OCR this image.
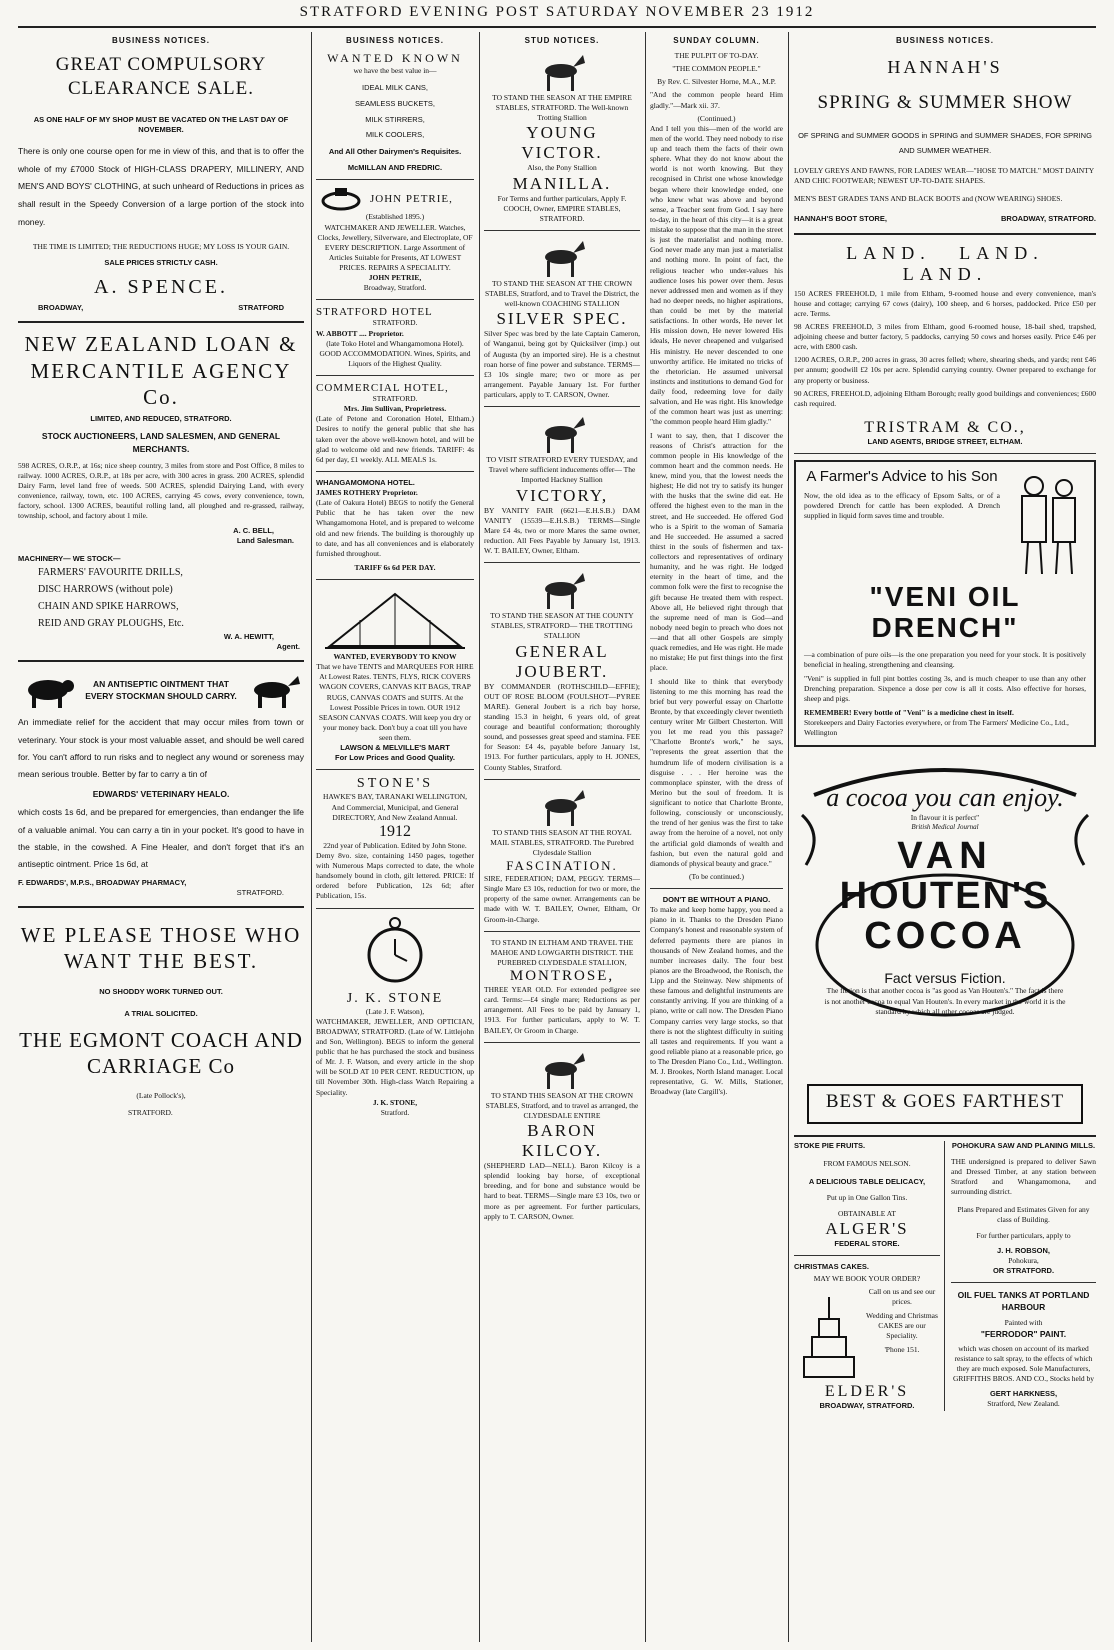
STRATFORD EVENING POST SATURDAY NOVEMBER 23 1912
BUSINESS NOTICES.
GREAT COMPULSORY CLEARANCE SALE.
AS ONE HALF OF MY SHOP MUST BE VACATED ON THE LAST DAY OF NOVEMBER.
There is only one course open for me in view of this, and that is to offer the whole of my £7000 Stock of HIGH-CLASS DRAPERY, MILLINERY, AND MEN'S AND BOYS' CLOTHING, at such unheard of Reductions in prices as shall result in the Speedy Conversion of a large portion of the stock into money.
THE TIME IS LIMITED; THE REDUCTIONS HUGE; MY LOSS IS YOUR GAIN.
SALE PRICES STRICTLY CASH.
A. SPENCE.
BROADWAY,	STRATFORD
NEW ZEALAND LOAN & MERCANTILE AGENCY Co.
LIMITED, AND REDUCED, STRATFORD.
STOCK AUCTIONEERS, LAND SALESMEN, AND GENERAL MERCHANTS.
598 ACRES, O.R.P., at 16s; nice sheep country, 3 miles from store and Post Office, 8 miles to railway. 1000 ACRES, O.R.P., at 18s per acre, with 300 acres in grass. 200 ACRES, splendid Dairy Farm, level land free of weeds. 500 ACRES, splendid Dairying Land, with every convenience, railway, town, etc. 100 ACRES, carrying 45 cows, every convenience, town, factory, school. 1300 ACRES, beautiful rolling land, all ploughed and re-grassed, railway, township, school, and factory about 1 mile.
A. C. BELL,
Land Salesman.
MACHINERY— WE STOCK—
FARMERS' FAVOURITE DRILLS,
DISC HARROWS (without pole)
CHAIN AND SPIKE HARROWS,
REID AND GRAY PLOUGHS, Etc.
W. A. HEWITT,
Agent.
AN ANTISEPTIC OINTMENT THAT EVERY STOCKMAN SHOULD CARRY.
An immediate relief for the accident that may occur miles from town or veterinary. Your stock is your most valuable asset, and should be well cared for. You can't afford to run risks and to neglect any wound or soreness may mean serious trouble. Better by far to carry a tin of
EDWARDS' VETERINARY HEALO.
which costs 1s 6d, and be prepared for emergencies, than endanger the life of a valuable animal. You can carry a tin in your pocket. It's good to have in the stable, in the cowshed. A Fine Healer, and don't forget that it's an antiseptic ointment. Price 1s 6d, at
F. EDWARDS', M.P.S., BROADWAY PHARMACY,
STRATFORD.
WE PLEASE THOSE WHO WANT THE BEST.
NO SHODDY WORK TURNED OUT.
A TRIAL SOLICITED.
THE EGMONT COACH AND CARRIAGE Co
(Late Pollock's),
STRATFORD.
BUSINESS NOTICES.
WANTED KNOWN
we have the best value in—
IDEAL MILK CANS,
SEAMLESS BUCKETS,
MILK STIRRERS,
MILK COOLERS,
And All Other Dairymen's Requisites.
McMILLAN AND FREDRIC.
JOHN PETRIE,
(Established 1895.)
WATCHMAKER AND JEWELLER. Watches, Clocks, Jewellery, Silverware, and Electroplate, OF EVERY DESCRIPTION. Large Assortment of Articles Suitable for Presents, AT LOWEST PRICES. REPAIRS A SPECIALITY.
JOHN PETRIE,
Broadway, Stratford.
STRATFORD HOTEL
STRATFORD.
W. ABBOTT .... Proprietor.
(late Toko Hotel and Whangamomona Hotel). GOOD ACCOMMODATION. Wines, Spirits, and Liquors of the Highest Quality.
COMMERCIAL HOTEL,
STRATFORD.
Mrs. Jim Sullivan, Proprietress.
(Late of Petone and Coronation Hotel, Eltham.) Desires to notify the general public that she has taken over the above well-known hotel, and will be glad to welcome old and new friends. TARIFF: 4s 6d per day, £1 weekly. ALL MEALS 1s.
WHANGAMOMONA HOTEL.
JAMES ROTHERY Proprietor.
(Late of Oakura Hotel) BEGS to notify the General Public that he has taken over the new Whangamomona Hotel, and is prepared to welcome old and new friends. The building is thoroughly up to date, and has all conveniences and is elaborately furnished throughout.
TARIFF 6s 6d PER DAY.
WANTED, EVERYBODY TO KNOW
That we have TENTS and MARQUEES FOR HIRE At Lowest Rates. TENTS, FLYS, RICK COVERS WAGON COVERS, CANVAS KIT BAGS, TRAP RUGS, CANVAS COATS and SUITS. At the Lowest Possible Prices in town. OUR 1912 SEASON CANVAS COATS. Will keep you dry or your money back. Don't buy a coat till you have seen them.
LAWSON & MELVILLE'S MART
For Low Prices and Good Quality.
STONE'S
HAWKE'S BAY, TARANAKI WELLINGTON, And Commercial, Municipal, and General DIRECTORY, And New Zealand Annual.
1912
22nd year of Publication. Edited by John Stone.
Demy 8vo. size, containing 1450 pages, together with Numerous Maps corrected to date, the whole handsomely bound in cloth, gilt lettered. PRICE: If ordered before Publication, 12s 6d; after Publication, 15s.
J. K. STONE
(Late J. F. Watson),
WATCHMAKER, JEWELLER, AND OPTICIAN, BROADWAY, STRATFORD. (Late of W. Littlejohn and Son, Wellington). BEGS to inform the general public that he has purchased the stock and business of Mr. J. F. Watson, and every article in the shop will be SOLD AT 10 PER CENT. REDUCTION, up till November 30th. High-class Watch Repairing a Speciality.
J. K. STONE,
Stratford.
STUD NOTICES.
TO STAND THE SEASON AT THE EMPIRE STABLES, STRATFORD. The Well-known Trotting Stallion
YOUNG VICTOR.
Also, the Pony Stallion
MANILLA.
For Terms and further particulars, Apply F. COOCH, Owner, EMPIRE STABLES, STRATFORD.
TO STAND THE SEASON AT THE CROWN STABLES, Stratford, and to Travel the District, the well-known COACHING STALLION
SILVER SPEC.
Silver Spec was bred by the late Captain Cameron, of Wanganui, being got by Quicksilver (imp.) out of Augusta (by an imported sire). He is a chestnut roan horse of fine power and substance. TERMS—£3 10s single mare; two or more as per arrangement. Payable January 1st. For further particulars, apply to T. CARSON, Owner.
TO VISIT STRATFORD EVERY TUESDAY, and Travel where sufficient inducements offer— The Imported Hackney Stallion
VICTORY,
BY VANITY FAIR (6621—E.H.S.B.) DAM VANITY (15539—E.H.S.B.) TERMS—Single Mare £4 4s, two or more Mares the same owner, reduction. All Fees Payable by January 1st, 1913. W. T. BAILEY, Owner, Eltham.
TO STAND THE SEASON AT THE COUNTY STABLES, STRATFORD— THE TROTTING STALLION
GENERAL JOUBERT.
BY COMMANDER (ROTHSCHILD—EFFIE); OUT OF ROSE BLOOM (FOULSHOT—PYREE MARE). General Joubert is a rich bay horse, standing 15.3 in height, 6 years old, of great courage and beautiful conformation; thoroughly sound, and possesses great speed and stamina. FEE for Season: £4 4s, payable before January 1st, 1913. For further particulars, apply to H. JONES, County Stables, Stratford.
TO STAND THIS SEASON AT THE ROYAL MAIL STABLES, STRATFORD. The Purebred Clydesdale Stallion
FASCINATION.
SIRE, FEDERATION; DAM, PEGGY. TERMS—Single Mare £3 10s, reduction for two or more, the property of the same owner. Arrangements can be made with W. T. BAILEY, Owner, Eltham, Or Groom-in-Charge.
TO STAND IN ELTHAM AND TRAVEL THE MAHOE AND LOWGARTH DISTRICT. THE PUREBRED CLYDESDALE STALLION,
MONTROSE,
THREE YEAR OLD. For extended pedigree see card. Terms:—£4 single mare; Reductions as per arrangement. All Fees to be paid by January 1, 1913. For further particulars, apply to W. T. BAILEY, Or Groom in Charge.
TO STAND THIS SEASON AT THE CROWN STABLES, Stratford, and to travel as arranged, the CLYDESDALE ENTIRE
BARON KILCOY.
(SHEPHERD LAD—NELL). Baron Kilcoy is a splendid looking bay horse, of exceptional breeding, and for bone and substance would be hard to beat. TERMS—Single mare £3 10s, two or more as per agreement. For further particulars, apply to T. CARSON, Owner.
SUNDAY COLUMN.
THE PULPIT OF TO-DAY.
"THE COMMON PEOPLE."
By Rev. C. Silvester Horne, M.A., M.P.
"And the common people heard Him gladly."—Mark xii. 37.
(Continued.)
And I tell you this—men of the world are men of the world. They need nobody to rise up and teach them the facts of their own sphere. What they do not know about the world is not worth knowing. But they recognised in Christ one whose knowledge began where their knowledge ended, one who knew what was above and beyond sense, a Teacher sent from God. I say here to-day, in the heart of this city—it is a great mistake to suppose that the man in the street is just the materialist and nothing more. God never made any man just a materialist and nothing more. In point of fact, the religious teacher who under-values his audience loses his power over them. Jesus never addressed men and women as if they had no deeper needs, no higher aspirations, than could be met by the material satisfactions. In other words, He never let His mission down, He never lowered His ideals, He never cheapened and vulgarised His ministry. He never descended to one unworthy artifice. He imitated no tricks of the rhetorician. He assumed universal instincts and institutions to demand God for daily food, redeeming love for daily salvation, and He was right. His knowledge of the common heart was just as unerring: "the common people heard Him gladly."
I want to say, then, that I discover the reasons of Christ's attraction for the common people in His knowledge of the common heart and the common needs. He knew, mind you, that the lowest needs the highest; He did not try to satisfy its hunger with the husks that the swine did eat. He offered the highest even to the man in the street, and He succeeded. He offered God who is a Spirit to the woman of Samaria and He succeeded. He assumed a sacred thirst in the souls of fishermen and tax-collectors and representatives of ordinary humanity, and he was right. He lodged eternity in the heart of time, and the common folk were the first to recognise the gift because He treated them with respect. Above all, He believed right through that the supreme need of man is God—and nobody need begin to preach who does not—and that all other Gospels are simply quack remedies, and He was right. He made no mistake; He put first things into the first place.
I should like to think that everybody listening to me this morning has read the brief but very powerful essay on Charlotte Bronte, by that exceedingly clever twentieth century writer Mr Gilbert Chesterton. Will you let me read you this passage? "Charlotte Bronte's work," he says, "represents the great assertion that the humdrum life of modern civilisation is a disguise . . . Her heroine was the commonplace spinster, with the dress of Merino but the soul of freedom. It is significant to notice that Charlotte Bronte, following, consciously or unconsciously, the trend of her genius was the first to take away from the heroine of a novel, not only the artificial gold diamonds of wealth and fashion, but even the natural gold and diamonds of physical beauty and grace."
(To be continued.)
DON'T BE WITHOUT A PIANO.
To make and keep home happy, you need a piano in it. Thanks to the Dresden Piano Company's honest and reasonable system of deferred payments there are pianos in thousands of New Zealand homes, and the number increases daily. The four best pianos are the Broadwood, the Ronisch, the Lipp and the Steinway. New shipments of these famous and delightful instruments are constantly arriving. If you are thinking of a piano, write or call now. The Dresden Piano Company carries very large stocks, so that there is not the slightest difficulty in suiting all tastes and requirements. If you want a good reliable piano at a reasonable price, go to The Dresden Piano Co., Ltd., Wellington. M. J. Brookes, North Island manager. Local representative, G. W. Mills, Stationer, Broadway (late Cargill's).
BUSINESS NOTICES.
HANNAH'S
SPRING & SUMMER SHOW
OF SPRING and SUMMER GOODS in SPRING and SUMMER SHADES, FOR SPRING AND SUMMER WEATHER.
LOVELY GREYS AND FAWNS, FOR LADIES' WEAR—"HOSE TO MATCH." MOST DAINTY AND CHIC FOOTWEAR; NEWEST UP-TO-DATE SHAPES.
MEN'S BEST GRADES TANS AND BLACK BOOTS and (NOW WEARING) SHOES.
HANNAH'S BOOT STORE,	BROADWAY, STRATFORD.
LAND. LAND. LAND.
150 ACRES FREEHOLD, 1 mile from Eltham, 9-roomed house and every convenience, man's house and cottage; carrying 67 cows (dairy), 100 sheep, and 6 horses, paddocked. Price £50 per acre. Terms.
98 ACRES FREEHOLD, 3 miles from Eltham, good 6-roomed house, 18-bail shed, trapshed, adjoining cheese and butter factory, 5 paddocks, carrying 50 cows and horses easily. Price £46 per acre, with £800 cash.
1200 ACRES, O.R.P., 200 acres in grass, 30 acres felled; where, shearing sheds, and yards; rent £46 per annum; goodwill £2 10s per acre. Splendid carrying country. Owner prepared to exchange for any property or business.
90 ACRES, FREEHOLD, adjoining Eltham Borough; really good buildings and conveniences; £600 cash required.
TRISTRAM & CO.,
LAND AGENTS, BRIDGE STREET, ELTHAM.
A Farmer's Advice to his Son
Now, the old idea as to the efficacy of Epsom Salts, or of a powdered Drench for cattle has been exploded. A Drench supplied in liquid form saves time and trouble.
"VENI OIL
DRENCH"
—a combination of pure oils—is the one preparation you need for your stock. It is positively beneficial in healing, strengthening and cleansing.
"Veni" is supplied in full pint bottles costing 3s, and is much cheaper to use than any other Drenching preparation. Sixpence a dose per cow is all it costs. Also effective for horses, sheep and pigs.
REMEMBER! Every bottle of "Veni" is a medicine chest in itself.
Storekeepers and Dairy Factories everywhere, or from The Farmers' Medicine Co., Ltd., Wellington
a cocoa you can enjoy.
In flavour it is perfect"
British Medical Journal
VAN
HOUTEN'S
COCOA
Fact versus Fiction.
The fiction is that another cocoa is "as good as Van Houten's." The fact is there is not another cocoa to equal Van Houten's. In every market in the world it is the standard by which all other cocoas are judged.
BEST & GOES FARTHEST
STOKE PIE FRUITS.
FROM FAMOUS NELSON.
A DELICIOUS TABLE DELICACY,
Put up in One Gallon Tins.
OBTAINABLE AT
ALGER'S
FEDERAL STORE.
CHRISTMAS CAKES.
MAY WE BOOK YOUR ORDER?
Call on us and see our prices.
Wedding and Christmas CAKES are our Speciality.
'Phone 151.
ELDER'S
BROADWAY, STRATFORD.
POHOKURA SAW AND PLANING MILLS.
THE undersigned is prepared to deliver Sawn and Dressed Timber, at any station between Stratford and Whangamomona, and surrounding district.
Plans Prepared and Estimates Given for any class of Building.
For further particulars, apply to
J. H. ROBSON,
Pohokura,
OR STRATFORD.
OIL FUEL TANKS AT PORTLAND HARBOUR
Painted with
"FERRODOR" PAINT.
which was chosen on account of its marked resistance to salt spray, to the effects of which they are much exposed. Sole Manufacturers, GRIFFITHS BROS. AND CO., Stocks held by
GERT HARKNESS,
Stratford, New Zealand.
